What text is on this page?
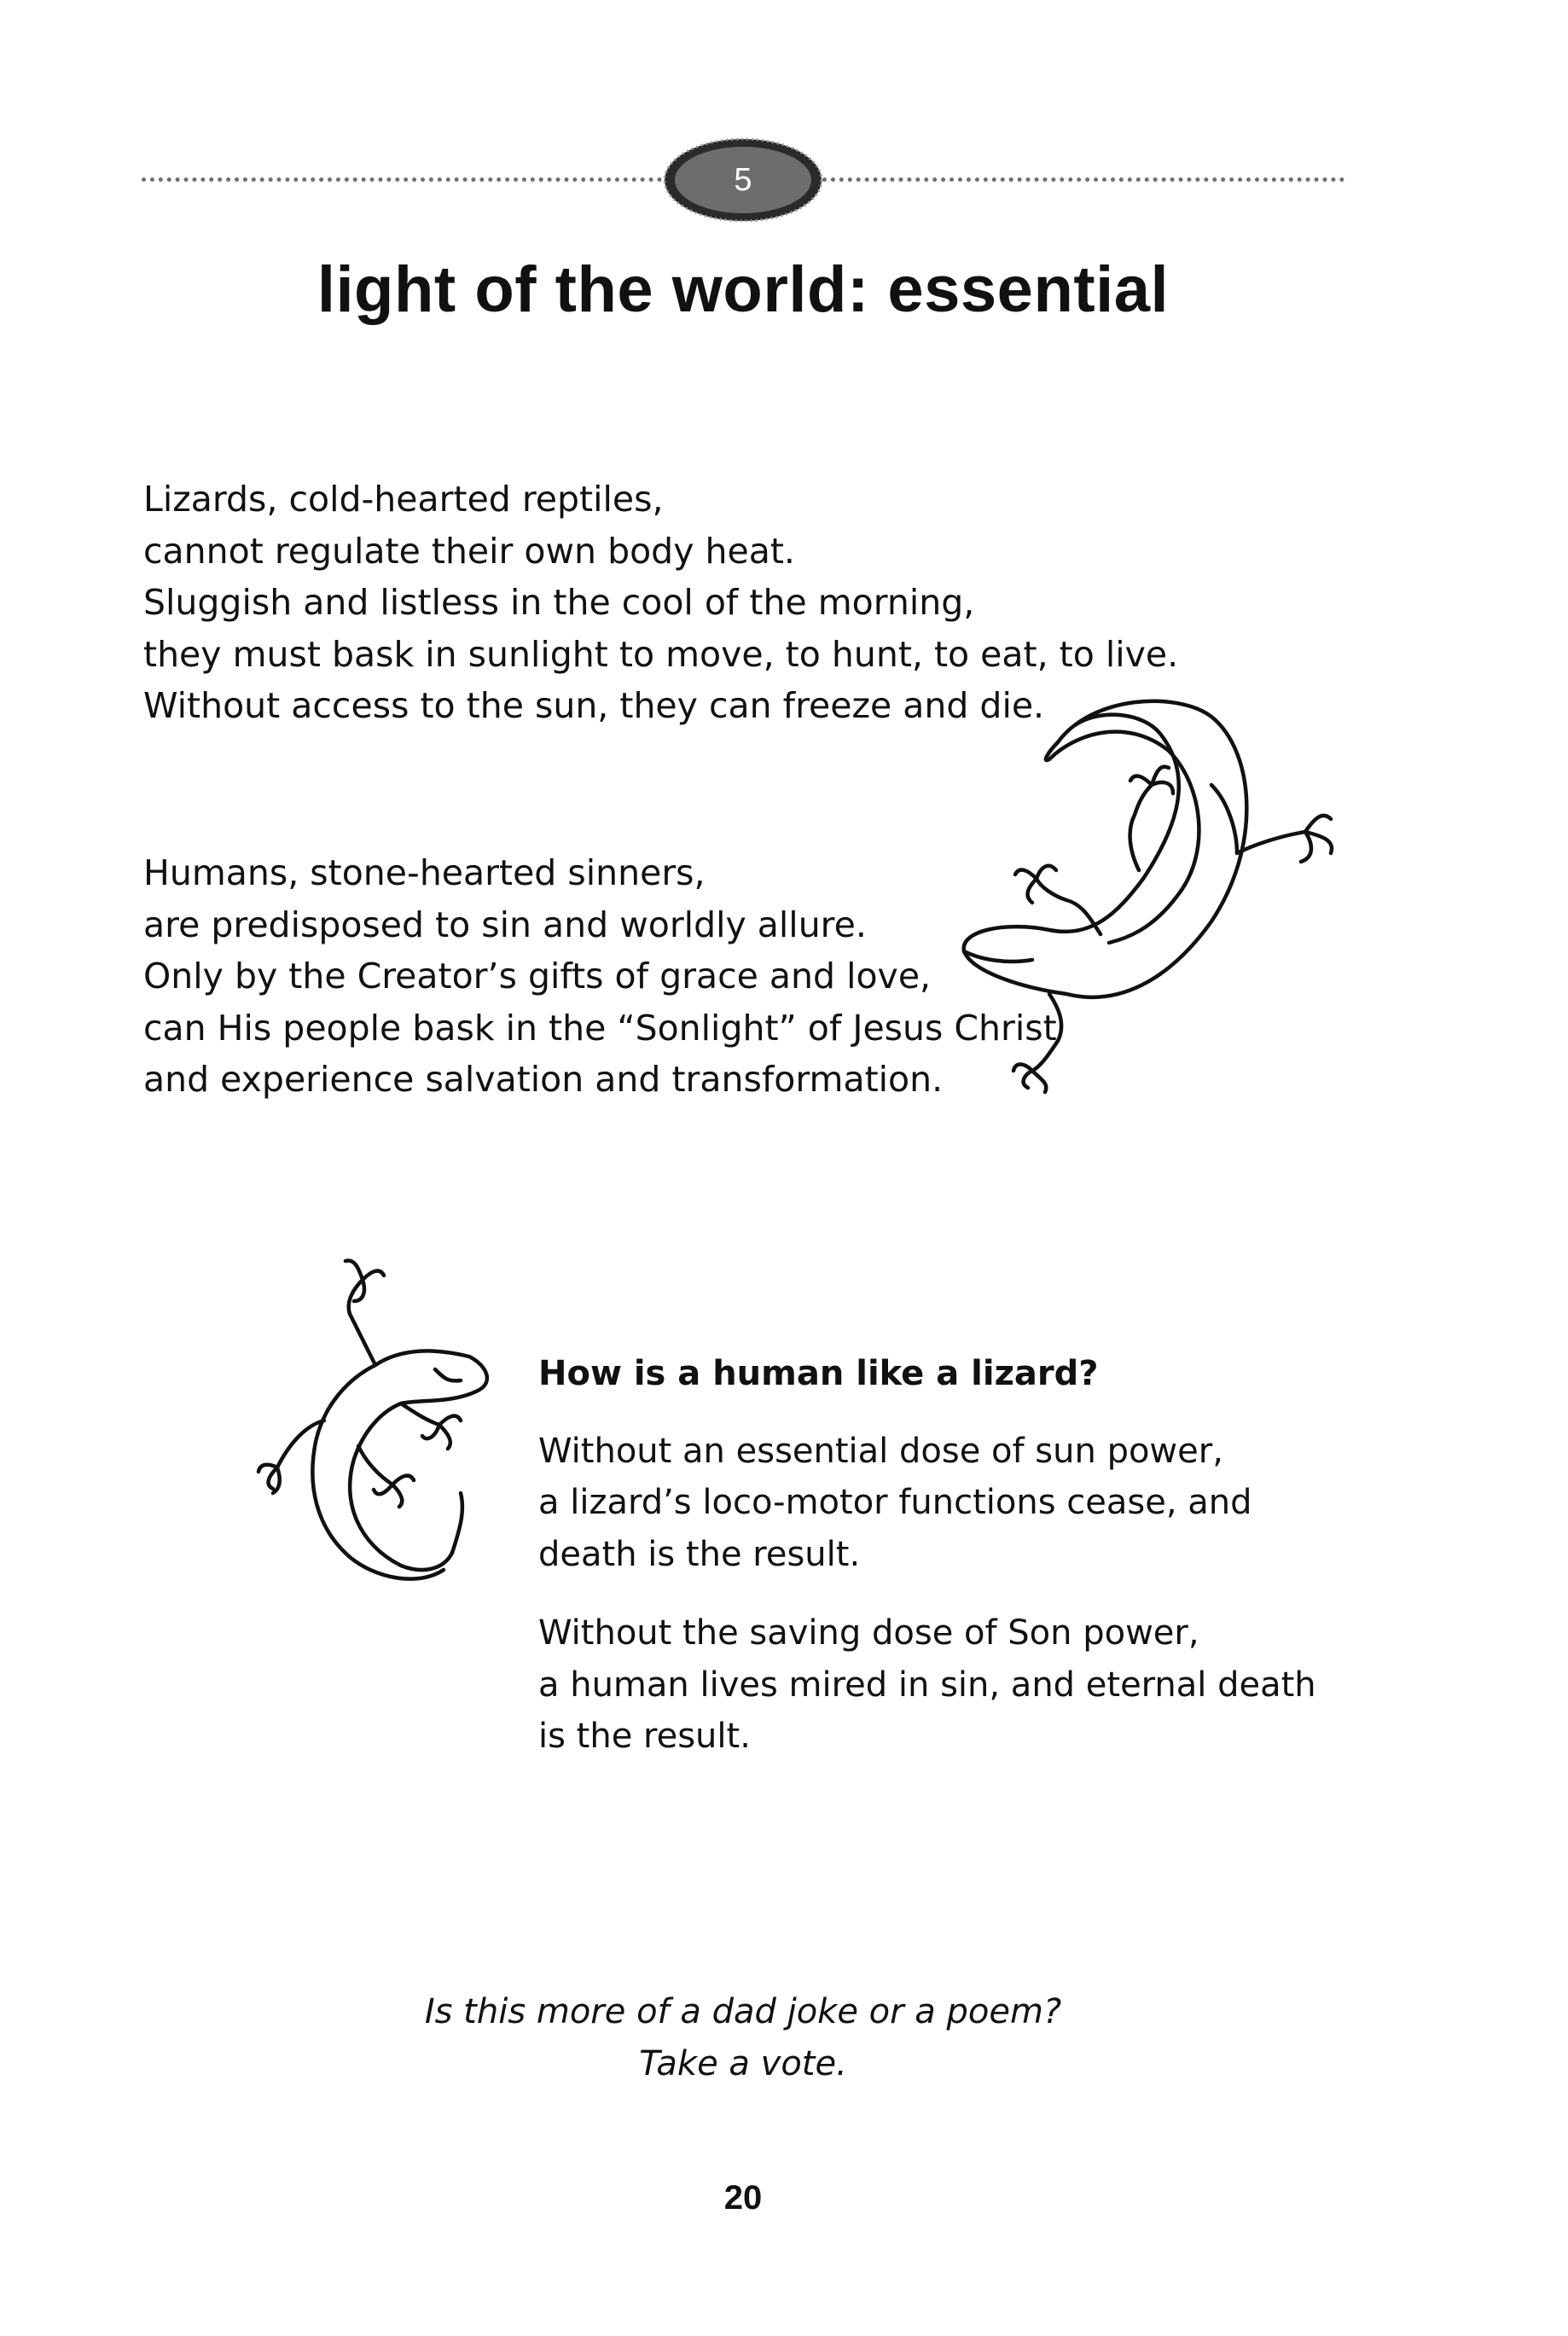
5
light of the world: essential
Lizards, cold-hearted reptiles,
cannot regulate their own body heat.
Sluggish and listless in the cool of the morning,
they must bask in sunlight to move, to hunt, to eat, to live.
Without access to the sun, they can freeze and die.
Humans, stone-hearted sinners,
are predisposed to sin and worldly allure.
Only by the Creator’s gifts of grace and love,
can His people bask in the “Sonlight” of Jesus Christ
and experience salvation and transformation.
How is a human like a lizard?
Without an essential dose of sun power,
a lizard’s loco-motor functions cease, and
death is the result.
Without the saving dose of Son power,
a human lives mired in sin, and eternal death
is the result.
Is this more of a dad joke or a poem?
Take a vote.
20
